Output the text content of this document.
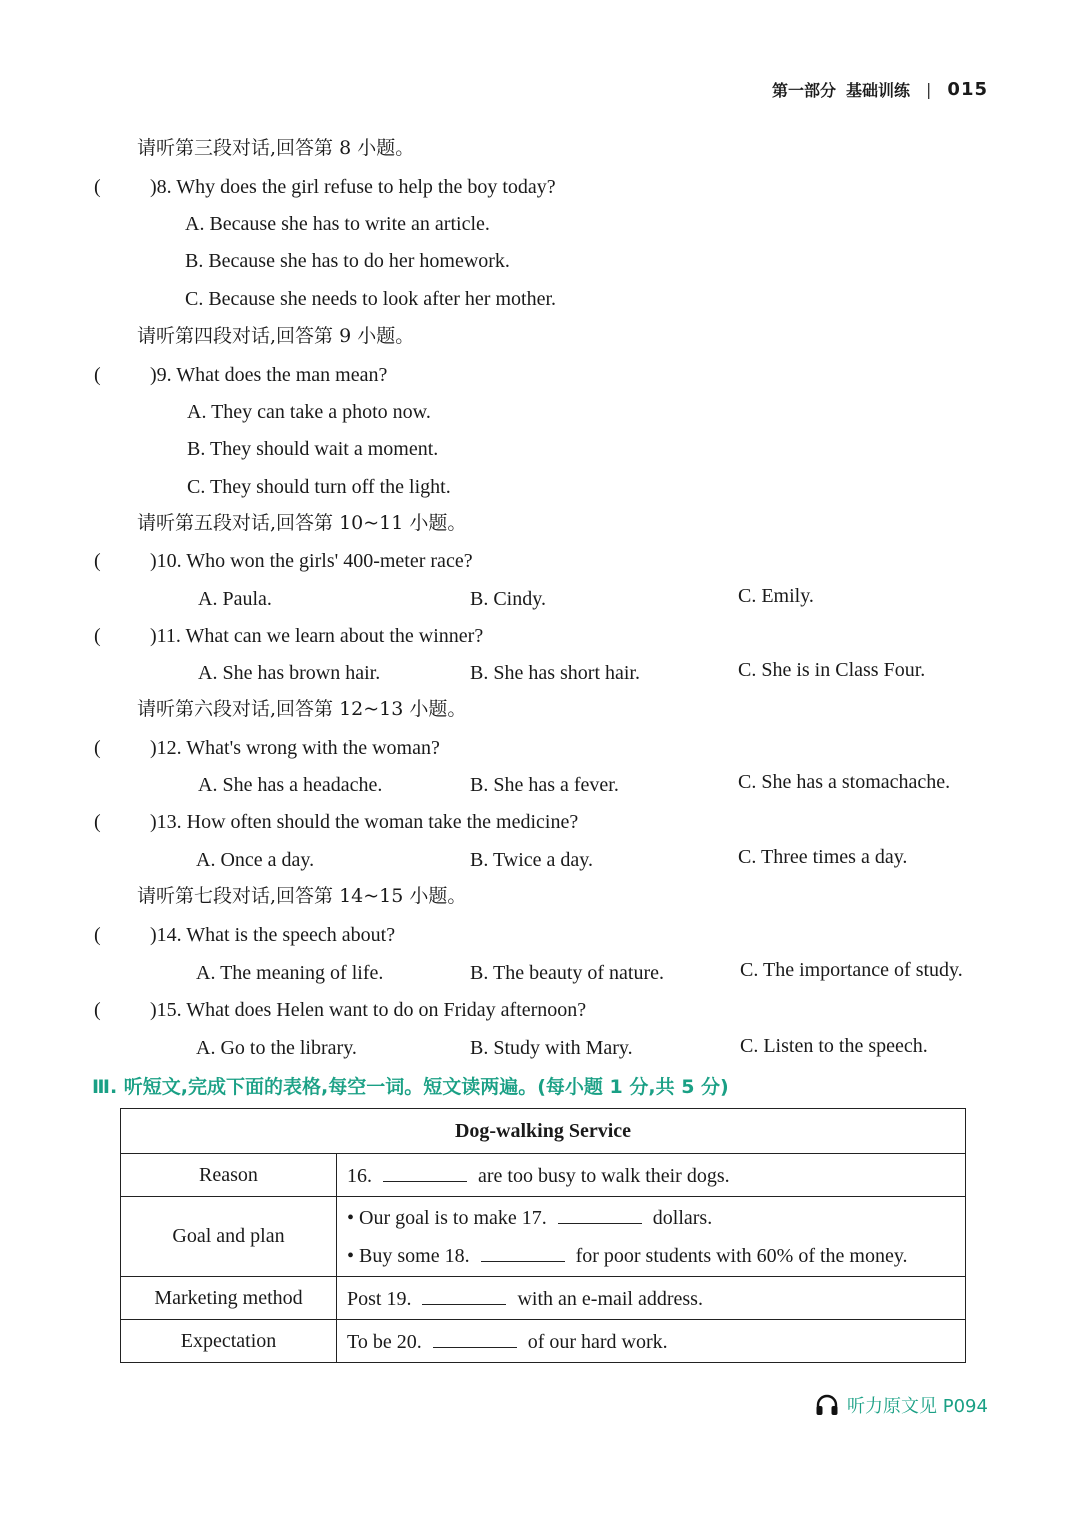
第一部分 基础训练 | 015
请听第三段对话,回答第 8 小题。
( )8. Why does the girl refuse to help the boy today?
A. Because she has to write an article.
B. Because she has to do her homework.
C. Because she needs to look after her mother.
请听第四段对话,回答第 9 小题。
( )9. What does the man mean?
A. They can take a photo now.
B. They should wait a moment.
C. They should turn off the light.
请听第五段对话,回答第 10~11 小题。
( )10. Who won the girls' 400-meter race?
A. Paula.	B. Cindy.	C. Emily.
( )11. What can we learn about the winner?
A. She has brown hair.	B. She has short hair.	C. She is in Class Four.
请听第六段对话,回答第 12~13 小题。
( )12. What's wrong with the woman?
A. She has a headache.	B. She has a fever.	C. She has a stomachache.
( )13. How often should the woman take the medicine?
A. Once a day.	B. Twice a day.	C. Three times a day.
请听第七段对话,回答第 14~15 小题。
( )14. What is the speech about?
A. The meaning of life.	B. The beauty of nature.	C. The importance of study.
( )15. What does Helen want to do on Friday afternoon?
A. Go to the library.	B. Study with Mary.	C. Listen to the speech.
Ⅲ. 听短文,完成下面的表格,每空一词。短文读两遍。(每小题 1 分,共 5 分)
Dog-walking Service	
Reason	16. are too busy to walk their dogs.
Goal and plan	• Our goal is to make 17. dollars.
• Buy some 18. for poor students with 60% of the money.

Marketing method	Post 19. with an e-mail address.
Expectation	To be 20. of our hard work.
听力原文见 P094
